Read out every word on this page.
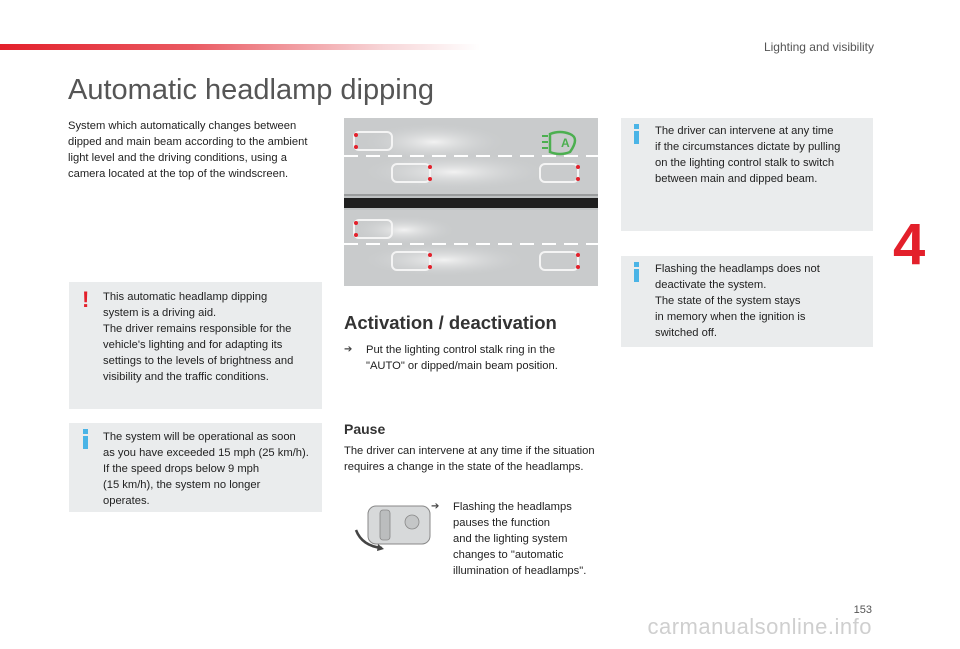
Lighting and visibility
4
Automatic headlamp dipping

System which automatically changes between dipped and main beam according to the ambient light level and the driving conditions, using a camera located at the top of the windscreen.

! This automatic headlamp dipping
system is a driving aid.
The driver remains responsible for the
vehicle's lighting and for adapting its
settings to the levels of brightness and
visibility and the traffic conditions.

The system will be operational as soon
as you have exceeded 15 mph (25 km/h).
If the speed drops below 9 mph
(15 km/h), the system no longer
operates.

A
Activation / deactivation
➔ Put the lighting control stalk ring in the
"AUTO" or dipped/main beam position.

Pause

The driver can intervene at any time if the situation requires a change in the state of the headlamps.

➔ Flashing the headlamps
pauses the function
and the lighting system
changes to "automatic
illumination of headlamps".

The driver can intervene at any time
if the circumstances dictate by pulling
on the lighting control stalk to switch
between main and dipped beam.

Flashing the headlamps does not
deactivate the system.
The state of the system stays
in memory when the ignition is
switched off.

153
carmanualsonline.info
